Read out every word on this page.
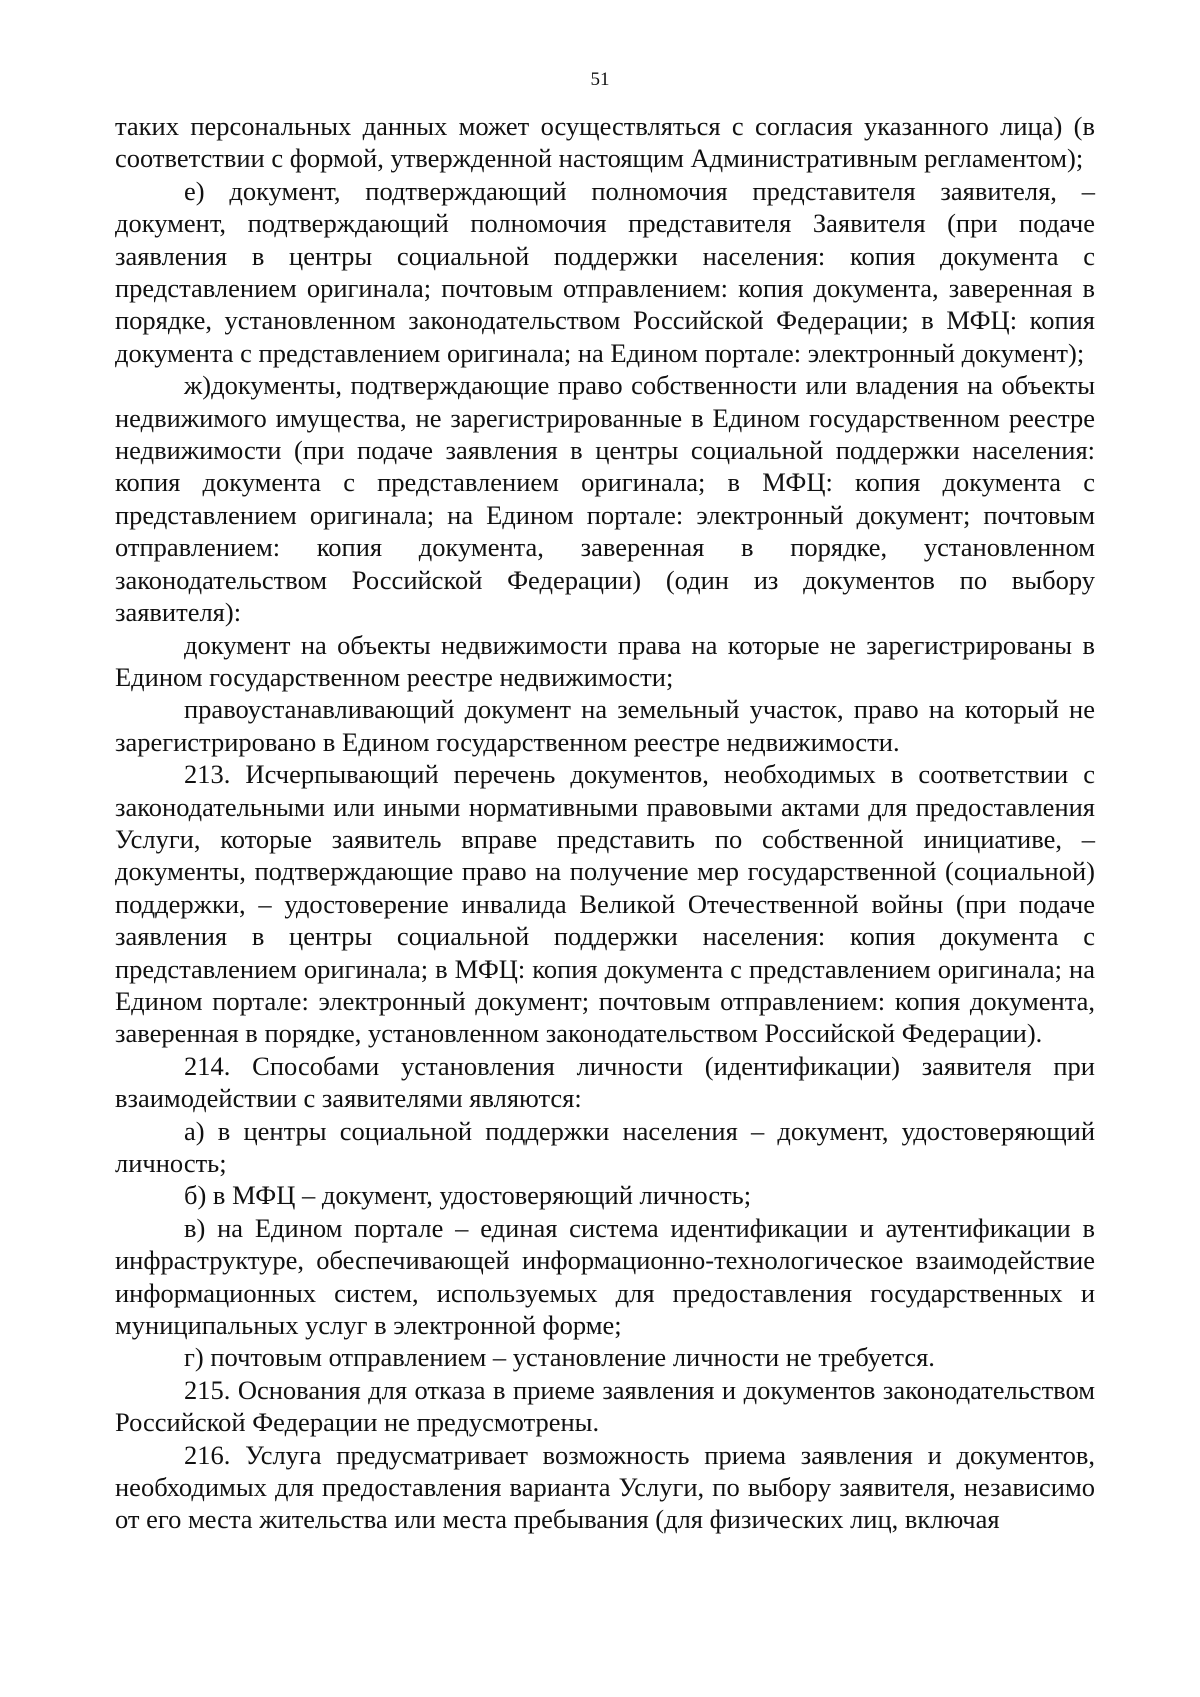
51

таких персональных данных может осуществляться с согласия указанного лица) (в соответствии с формой, утвержденной настоящим Административным регламентом);

е) документ, подтверждающий полномочия представителя заявителя, – документ, подтверждающий полномочия представителя Заявителя (при подаче заявления в центры социальной поддержки населения: копия документа с представлением оригинала; почтовым отправлением: копия документа, заверенная в порядке, установленном законодательством Российской Федерации; в МФЦ: копия документа с представлением оригинала; на Едином портале: электронный документ);

ж)документы, подтверждающие право собственности или владения на объекты недвижимого имущества, не зарегистрированные в Едином государственном реестре недвижимости (при подаче заявления в центры социальной поддержки населения: копия документа с представлением оригинала; в МФЦ: копия документа с представлением оригинала; на Едином портале: электронный документ; почтовым отправлением: копия документа, заверенная в порядке, установленном законодательством Российской Федерации) (один из документов по выбору заявителя):

документ на объекты недвижимости права на которые не зарегистрированы в Едином государственном реестре недвижимости;

правоустанавливающий документ на земельный участок, право на который не зарегистрировано в Едином государственном реестре недвижимости.

213. Исчерпывающий перечень документов, необходимых в соответствии с законодательными или иными нормативными правовыми актами для предоставления Услуги, которые заявитель вправе представить по собственной инициативе, – документы, подтверждающие право на получение мер государственной (социальной) поддержки, – удостоверение инвалида Великой Отечественной войны (при подаче заявления в центры социальной поддержки населения: копия документа с представлением оригинала; в МФЦ: копия документа с представлением оригинала; на Едином портале: электронный документ; почтовым отправлением: копия документа, заверенная в порядке, установленном законодательством Российской Федерации).

214. Способами установления личности (идентификации) заявителя при взаимодействии с заявителями являются:

а) в центры социальной поддержки населения – документ, удостоверяющий личность;

б) в МФЦ – документ, удостоверяющий личность;

в) на Едином портале – единая система идентификации и аутентификации в инфраструктуре, обеспечивающей информационно-технологическое взаимодействие информационных систем, используемых для предоставления государственных и муниципальных услуг в электронной форме;

г) почтовым отправлением – установление личности не требуется.

215. Основания для отказа в приеме заявления и документов законодательством Российской Федерации не предусмотрены.

216. Услуга предусматривает возможность приема заявления и документов, необходимых для предоставления варианта Услуги, по выбору заявителя, независимо от его места жительства или места пребывания (для физических лиц, включая
